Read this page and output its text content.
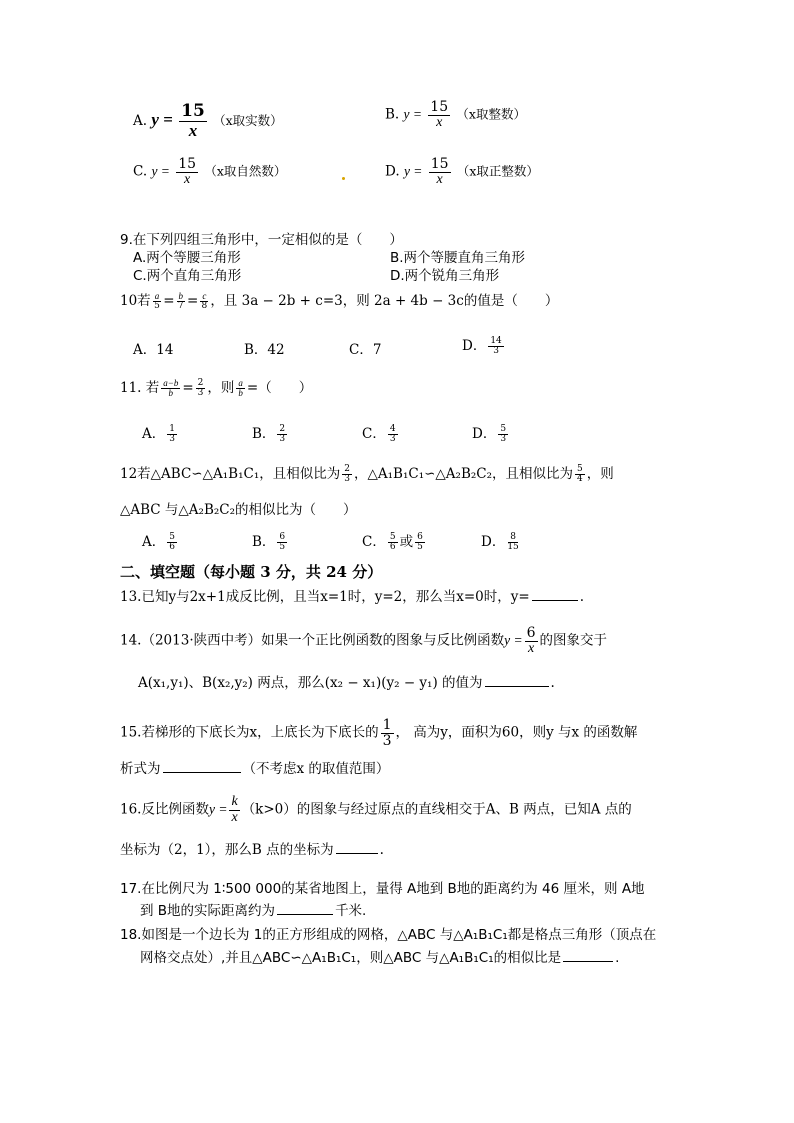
A. $y = \frac{15}{x} (x$取实数）	B. $y = \frac{15}{x} (x$取整数）
C. $y = \frac{15}{x} (x$取自然数）	D. $y = \frac{15}{x} (x$取正整数）
9.在下列四组三角形中，一定相似的是（　　）
A.两个等腰三角形	B.两个等腰直角三角形
C.两个直角三角形	D.两个锐角三角形
10若 $\frac{a}{5} = \frac{b}{7} = \frac{c}{8}$ ，且 3a − 2b + c=3，则 2a + 4b − 3c的值是（　　）
A．14	B．42	C．7	D． $\frac{14}{3}$
11. 若 $\frac{a-b}{b} = \frac{2}{3}$ ，则 $\frac{a}{b}$ =（　　）
A． $\frac{1}{3}$	B． $\frac{2}{3}$	C． $\frac{4}{3}$	D． $\frac{5}{3}$
12若△ABC∽△A₁B₁C₁，且相似比为 $\frac{2}{3}$ ，△A₁B₁C₁∽△A₂B₂C₂，且相似比为 $\frac{5}{4}$ ，则
△ABC 与△A₂B₂C₂的相似比为（　　）
A． $\frac{5}{6}$	B． $\frac{6}{5}$	C． $\frac{5}{6}$ 或 $\frac{6}{5}$	D． $\frac{8}{15}$
二、填空题（每小题 3 分，共 24 分）
13.已知y与2x+1成反比例，且当x=1时，y=2，那么当x=0时，y=	.
14.（2013·陕西中考）如果一个正比例函数的图象与反比例函数$y = \frac{6}{x}$ 的图象交于
A(x₁,y₁)、B(x₂,y₂) 两点，那么(x₂ − x₁)(y₂ − y₁) 的值为	.
15.若梯形的下底长为x，上底长为下底长的 $\frac{1}{3}$ ， 高为y，面积为60，则y 与x 的函数解
析式为	（不考虑x 的取值范围）
16.反比例函数$y = \frac{k}{x} (k>0)$的图象与经过原点的直线相交于A、B 两点，已知A 点的
坐标为（2，1），那么B 点的坐标为	.
17.在比例尺为 1∶500 000的某省地图上，量得 A地到 B地的距离约为 46 厘米，则 A地
到 B地的实际距离约为	千米.
18.如图是一个边长为 1的正方形组成的网格，△ABC 与△A₁B₁C₁都是格点三角形（顶点在
网格交点处）,并且△ABC∽△A₁B₁C₁，则△ABC 与△A₁B₁C₁的相似比是	.
